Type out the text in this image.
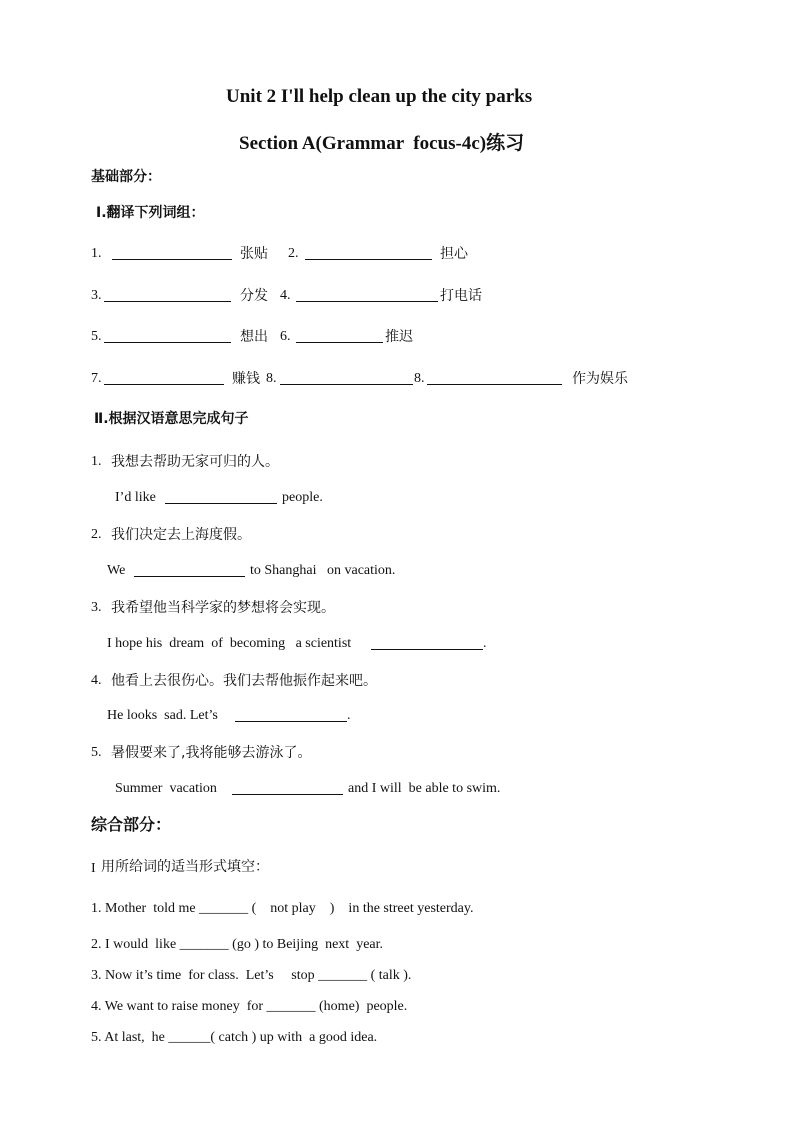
Unit 2 I'll help clean up the city parks
Section A(Grammar  focus-4c)练习
基础部分：
Ⅰ.翻译下列词组：
1.	张贴 2.	担心
3.	分发 4.	打电话
5.	想出 6.	推迟
7.	赚钱 8.	8.	作为娱乐
Ⅱ.根据汉语意思完成句子
1. 我想去帮助无家可归的人。
I’d like	people.
2. 我们决定去上海度假。
We	to Shanghai   on vacation.
3. 我希望他当科学家的梦想将会实现。
I hope his  dream  of  becoming   a scientist	.
4. 他看上去很伤心。我们去帮他振作起来吧。
He looks  sad. Let’s	.
5. 暑假要来了,我将能够去游泳了。
Summer  vacation	and I will  be able to swim.
综合部分：
I 用所给词的适当形式填空：
1. Mother  told me _______ (    not play    )    in the street yesterday.
2. I would  like _______ (go ) to Beijing  next  year.
3. Now it’s time  for class.  Let’s     stop _______ ( talk ).
4. We want to raise money  for _______ (home)  people.
5. At last,  he ______( catch ) up with  a good idea.
